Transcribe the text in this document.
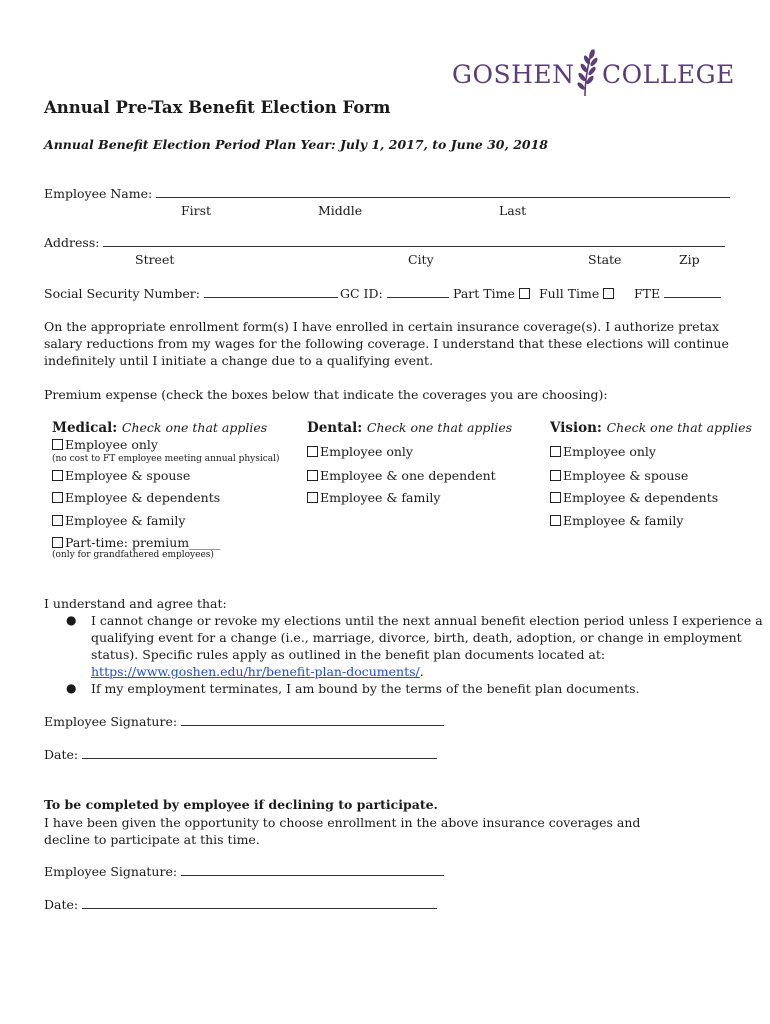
GOSHEN COLLEGE
Annual Pre-Tax Benefit Election Form
Annual Benefit Election Period Plan Year: July 1, 2017, to June 30, 2018
Employee Name:
First	Middle	Last
Address:
Street	City	State	Zip
Social Security Number:	GC ID:	Part Time	Full Time	FTE
On the appropriate enrollment form(s) I have enrolled in certain insurance coverage(s). I authorize pretax salary reductions from my wages for the following coverage. I understand that these elections will continue indefinitely until I initiate a change due to a qualifying event.
Premium expense (check the boxes below that indicate the coverages you are choosing):
Medical: Check one that applies
Employee only
(no cost to FT employee meeting annual physical)
Employee & spouse
Employee & dependents
Employee & family
Part-time: premium_____
(only for grandfathered employees)
Dental: Check one that applies
Employee only
Employee & one dependent
Employee & family
Vision: Check one that applies
Employee only
Employee & spouse
Employee & dependents
Employee & family
I understand and agree that:
● I cannot change or revoke my elections until the next annual benefit election period unless I experience a
qualifying event for a change (i.e., marriage, divorce, birth, death, adoption, or change in employment
status). Specific rules apply as outlined in the benefit plan documents located at:
https://www.goshen.edu/hr/benefit-plan-documents/.
● If my employment terminates, I am bound by the terms of the benefit plan documents.
Employee Signature:
Date:
To be completed by employee if declining to participate.
I have been given the opportunity to choose enrollment in the above insurance coverages and decline to participate at this time.
Employee Signature:
Date:
